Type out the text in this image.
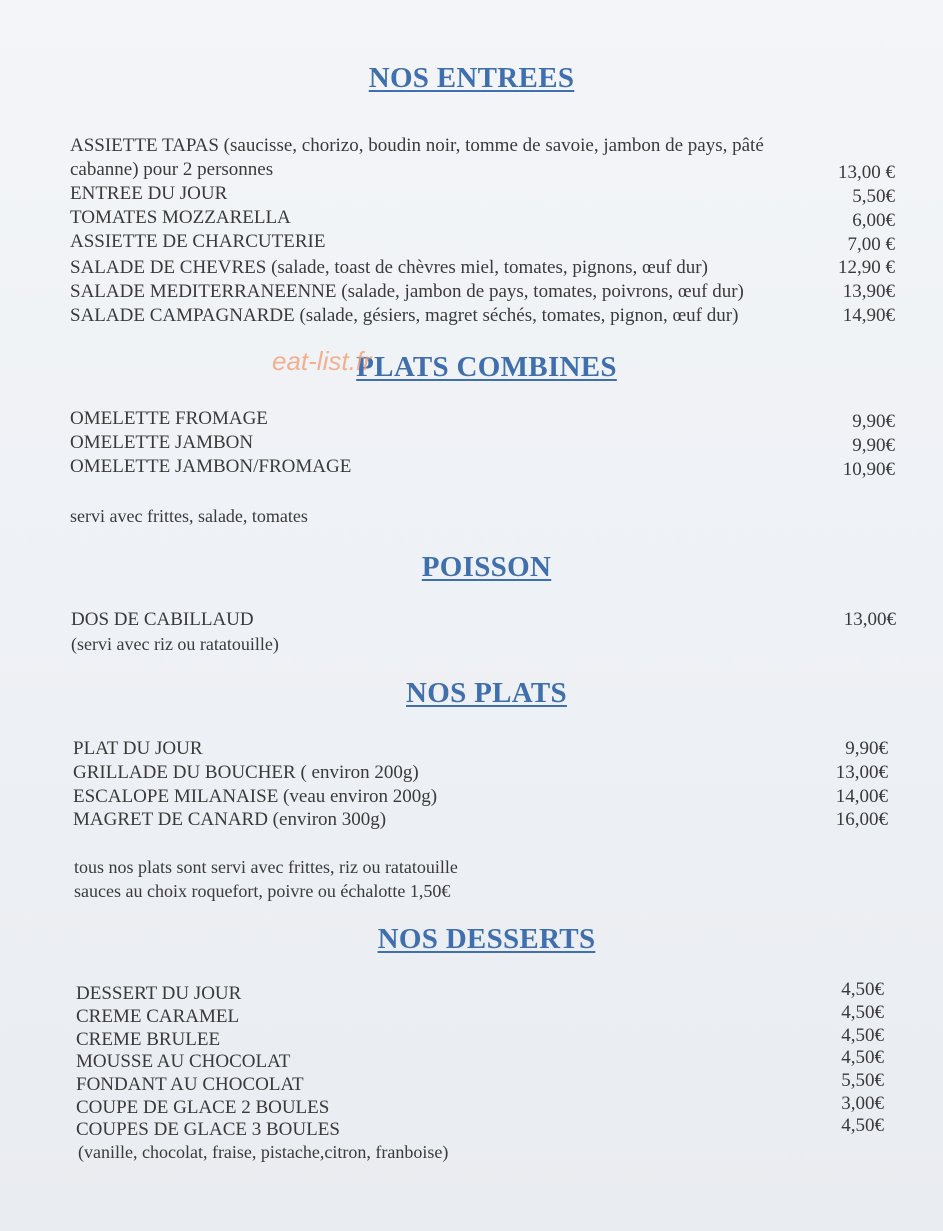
NOS ENTREES
ASSIETTE TAPAS (saucisse, chorizo, boudin noir, tomme de savoie, jambon de pays, pâté
cabanne) pour 2 personnes	13,00 €
ENTREE DU JOUR	5,50€
TOMATES MOZZARELLA	6,00€
ASSIETTE DE CHARCUTERIE	7,00 €
SALADE DE CHEVRES (salade, toast de chèvres miel, tomates, pignons, œuf dur)	12,90 €
SALADE MEDITERRANEENNE (salade, jambon de pays, tomates, poivrons, œuf dur)	13,90€
SALADE CAMPAGNARDE (salade, gésiers, magret séchés, tomates, pignon, œuf dur)	14,90€
PLATS COMBINES
eat-list.fr
OMELETTE FROMAGE	9,90€
OMELETTE JAMBON	9,90€
OMELETTE JAMBON/FROMAGE	10,90€
servi avec frittes, salade, tomates
POISSON
DOS DE CABILLAUD	13,00€
(servi avec riz ou ratatouille)
NOS PLATS
PLAT DU JOUR	9,90€
GRILLADE DU BOUCHER ( environ 200g)	13,00€
ESCALOPE MILANAISE (veau environ 200g)	14,00€
MAGRET DE CANARD (environ 300g)	16,00€
tous nos plats sont servi avec frittes, riz ou ratatouille
sauces au choix roquefort, poivre ou échalotte 1,50€
NOS DESSERTS
DESSERT DU JOUR	4,50€
CREME CARAMEL	4,50€
CREME BRULEE	4,50€
MOUSSE AU CHOCOLAT	4,50€
FONDANT AU CHOCOLAT	5,50€
COUPE DE GLACE 2 BOULES	3,00€
COUPES DE GLACE 3 BOULES	4,50€
(vanille, chocolat, fraise, pistache,citron, franboise)
